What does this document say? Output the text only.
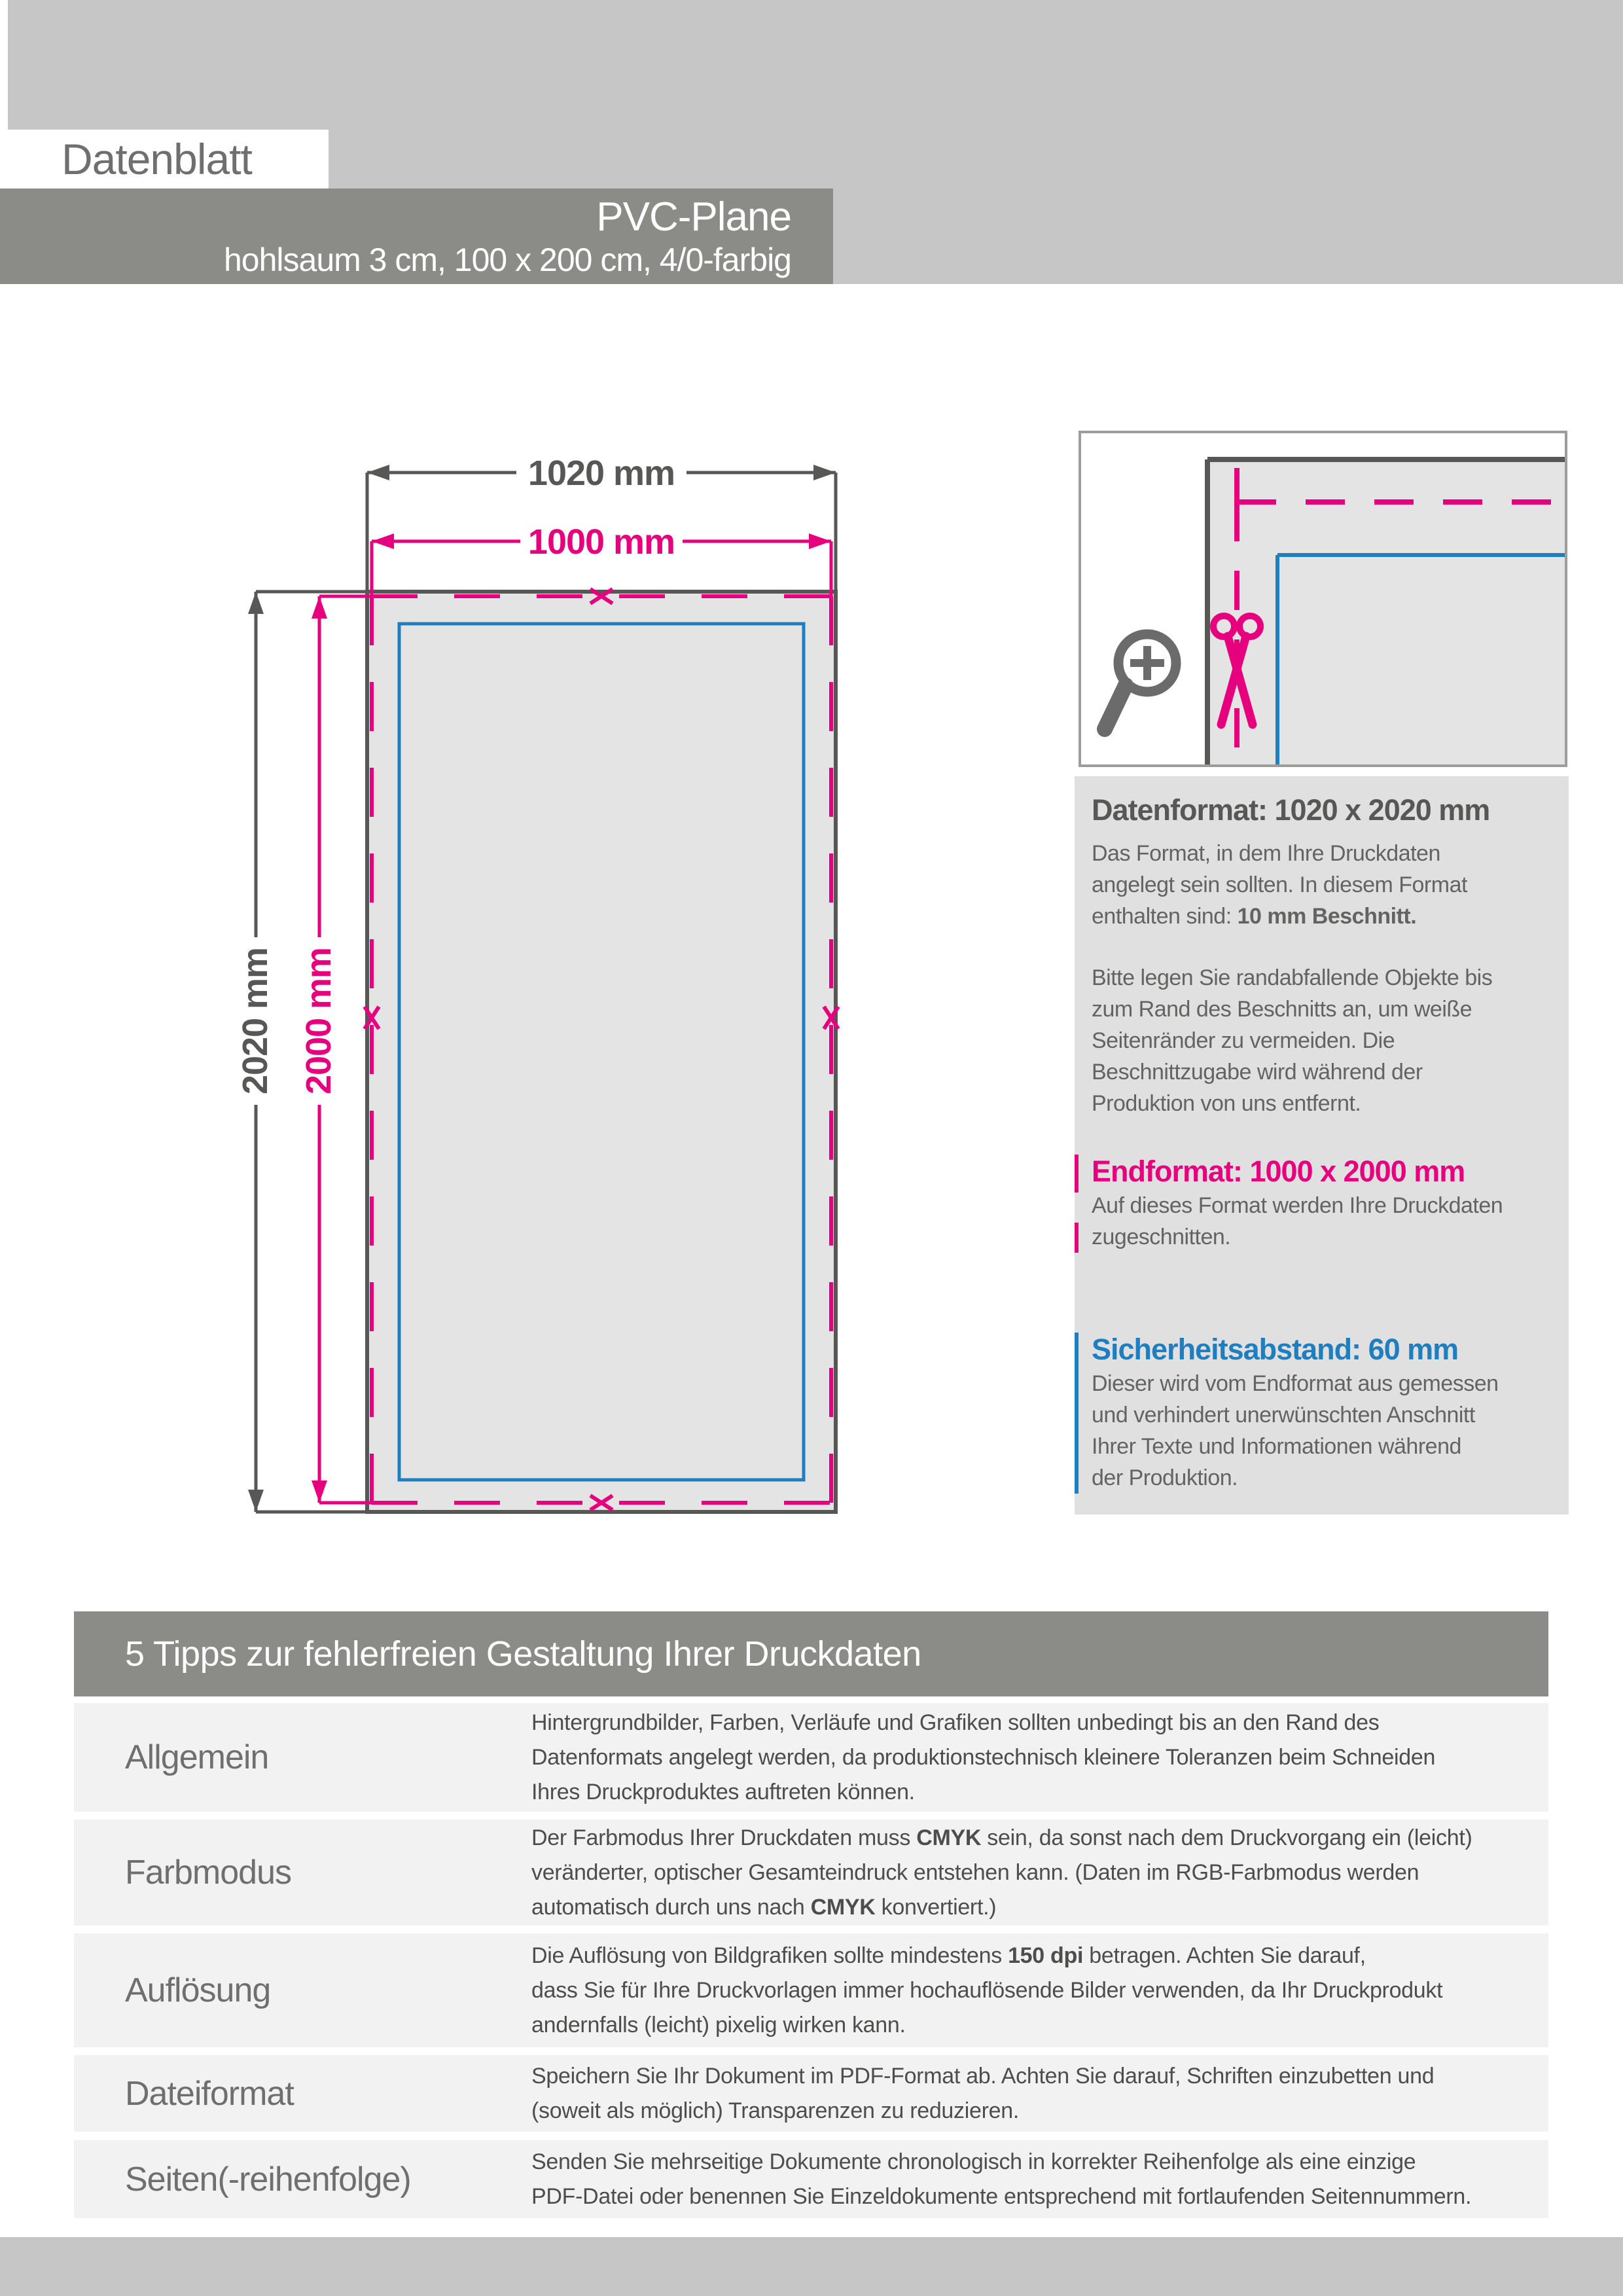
Datenblatt
PVC-Plane
hohlsaum 3 cm, 100 x 200 cm, 4/0-farbig
1020 mm
1000 mm
2020 mm 2000 mm
Datenformat: 1020 x 2020 mm
Das Format, in dem Ihre Druckdaten
angelegt sein sollten. In diesem Format
enthalten sind: 10 mm Beschnitt.
Bitte legen Sie randabfallende Objekte bis
zum Rand des Beschnitts an, um weiße
Seitenränder zu vermeiden. Die
Beschnittzugabe wird während der
Produktion von uns entfernt.
Endformat: 1000 x 2000 mm
Auf dieses Format werden Ihre Druckdaten
zugeschnitten.
Sicherheitsabstand: 60 mm
Dieser wird vom Endformat aus gemessen
und verhindert unerwünschten Anschnitt
Ihrer Texte und Informationen während
der Produktion.
5 Tipps zur fehlerfreien Gestaltung Ihrer Druckdaten
Allgemein
Hintergrundbilder, Farben, Verläufe und Grafiken sollten unbedingt bis an den Rand des
Datenformats angelegt werden, da produktionstechnisch kleinere Toleranzen beim Schneiden
Ihres Druckproduktes auftreten können.
Farbmodus
Der Farbmodus Ihrer Druckdaten muss CMYK sein, da sonst nach dem Druckvorgang ein (leicht)
veränderter, optischer Gesamteindruck entstehen kann. (Daten im RGB-Farbmodus werden
automatisch durch uns nach CMYK konvertiert.)
Auflösung
Die Auflösung von Bildgrafiken sollte mindestens 150 dpi betragen. Achten Sie darauf,
dass Sie für Ihre Druckvorlagen immer hochauflösende Bilder verwenden, da Ihr Druckprodukt
andernfalls (leicht) pixelig wirken kann.
Dateiformat	Speichern Sie Ihr Dokument im PDF-Format ab. Achten Sie darauf, Schriften einzubetten und
(soweit als möglich) Transparenzen zu reduzieren.
Seiten(-reihenfolge)	Senden Sie mehrseitige Dokumente chronologisch in korrekter Reihenfolge als eine einzige
PDF-Datei oder benennen Sie Einzeldokumente entsprechend mit fortlaufenden Seitennummern.
